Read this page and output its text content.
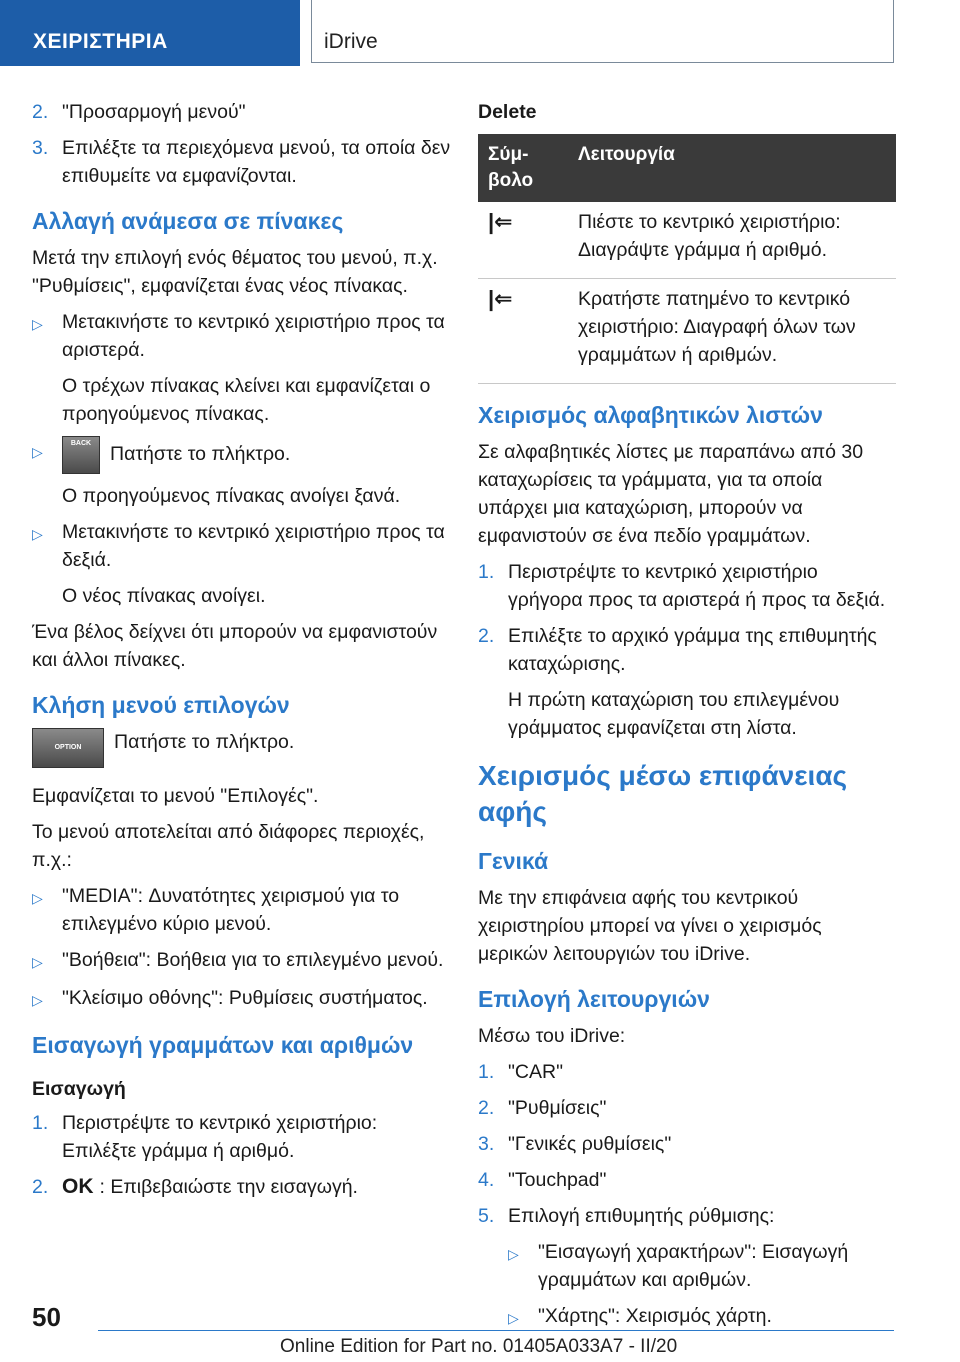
ΧΕΙΡΙΣΤΗΡΙΑ	iDrive
2. "Προσαρμογή μενού"
3. Επιλέξτε τα περιεχόμενα μενού, τα οποία δεν επιθυμείτε να εμφανίζονται.
Αλλαγή ανάμεσα σε πίνακες
Μετά την επιλογή ενός θέματος του μενού, π.χ. "Ρυθμίσεις", εμφανίζεται ένας νέος πίνακας.
▷ Μετακινήστε το κεντρικό χειριστήριο προς τα αριστερά.
Ο τρέχων πίνακας κλείνει και εμφανίζεται ο προηγούμενος πίνακας.
▷
BACK Πατήστε το πλήκτρο.
Ο προηγούμενος πίνακας ανοίγει ξανά.
▷ Μετακινήστε το κεντρικό χειριστήριο προς τα δεξιά.
Ο νέος πίνακας ανοίγει.
Ένα βέλος δείχνει ότι μπορούν να εμφανιστούν και άλλοι πίνακες.
Κλήση μενού επιλογών
OPTION Πατήστε το πλήκτρο.
Εμφανίζεται το μενού "Επιλογές".
Το μενού αποτελείται από διάφορες περιοχές, π.χ.:
▷ "MEDIA": Δυνατότητες χειρισμού για το επιλεγμένο κύριο μενού.
▷ "Βοήθεια": Βοήθεια για το επιλεγμένο μενού.
▷ "Κλείσιμο οθόνης": Ρυθμίσεις συστήματος.
Εισαγωγή γραμμάτων και αριθμών
Εισαγωγή
1. Περιστρέψτε το κεντρικό χειριστήριο: Επιλέξτε γράμμα ή αριθμό.
2. OK : Επιβεβαιώστε την εισαγωγή.
Delete
Σύμ-βολο	Λειτουργία
|⇐	Πιέστε το κεντρικό χειριστήριο: Διαγράψτε γράμμα ή αριθμό.
|⇐	Κρατήστε πατημένο το κεντρικό χειριστήριο: Διαγραφή όλων των γραμμάτων ή αριθμών.
Χειρισμός αλφαβητικών λιστών
Σε αλφαβητικές λίστες με παραπάνω από 30 καταχωρίσεις τα γράμματα, για τα οποία υπάρχει μια καταχώριση, μπορούν να εμφανιστούν σε ένα πεδίο γραμμάτων.
1. Περιστρέψτε το κεντρικό χειριστήριο γρήγορα προς τα αριστερά ή προς τα δεξιά.
2. Επιλέξτε το αρχικό γράμμα της επιθυμητής καταχώρισης.
Η πρώτη καταχώριση του επιλεγμένου γράμματος εμφανίζεται στη λίστα.
Χειρισμός μέσω επιφάνειας αφής
Γενικά
Με την επιφάνεια αφής του κεντρικού χειριστηρίου μπορεί να γίνει ο χειρισμός μερικών λειτουργιών του iDrive.
Επιλογή λειτουργιών
Μέσω του iDrive:
1. "CAR"
2. "Ρυθμίσεις"
3. "Γενικές ρυθμίσεις"
4. "Touchpad"
5. Επιλογή επιθυμητής ρύθμισης:
▷ "Εισαγωγή χαρακτήρων": Εισαγωγή γραμμάτων και αριθμών.
▷ "Χάρτης": Χειρισμός χάρτη.
50
Online Edition for Part no. 01405A033A7 - II/20
